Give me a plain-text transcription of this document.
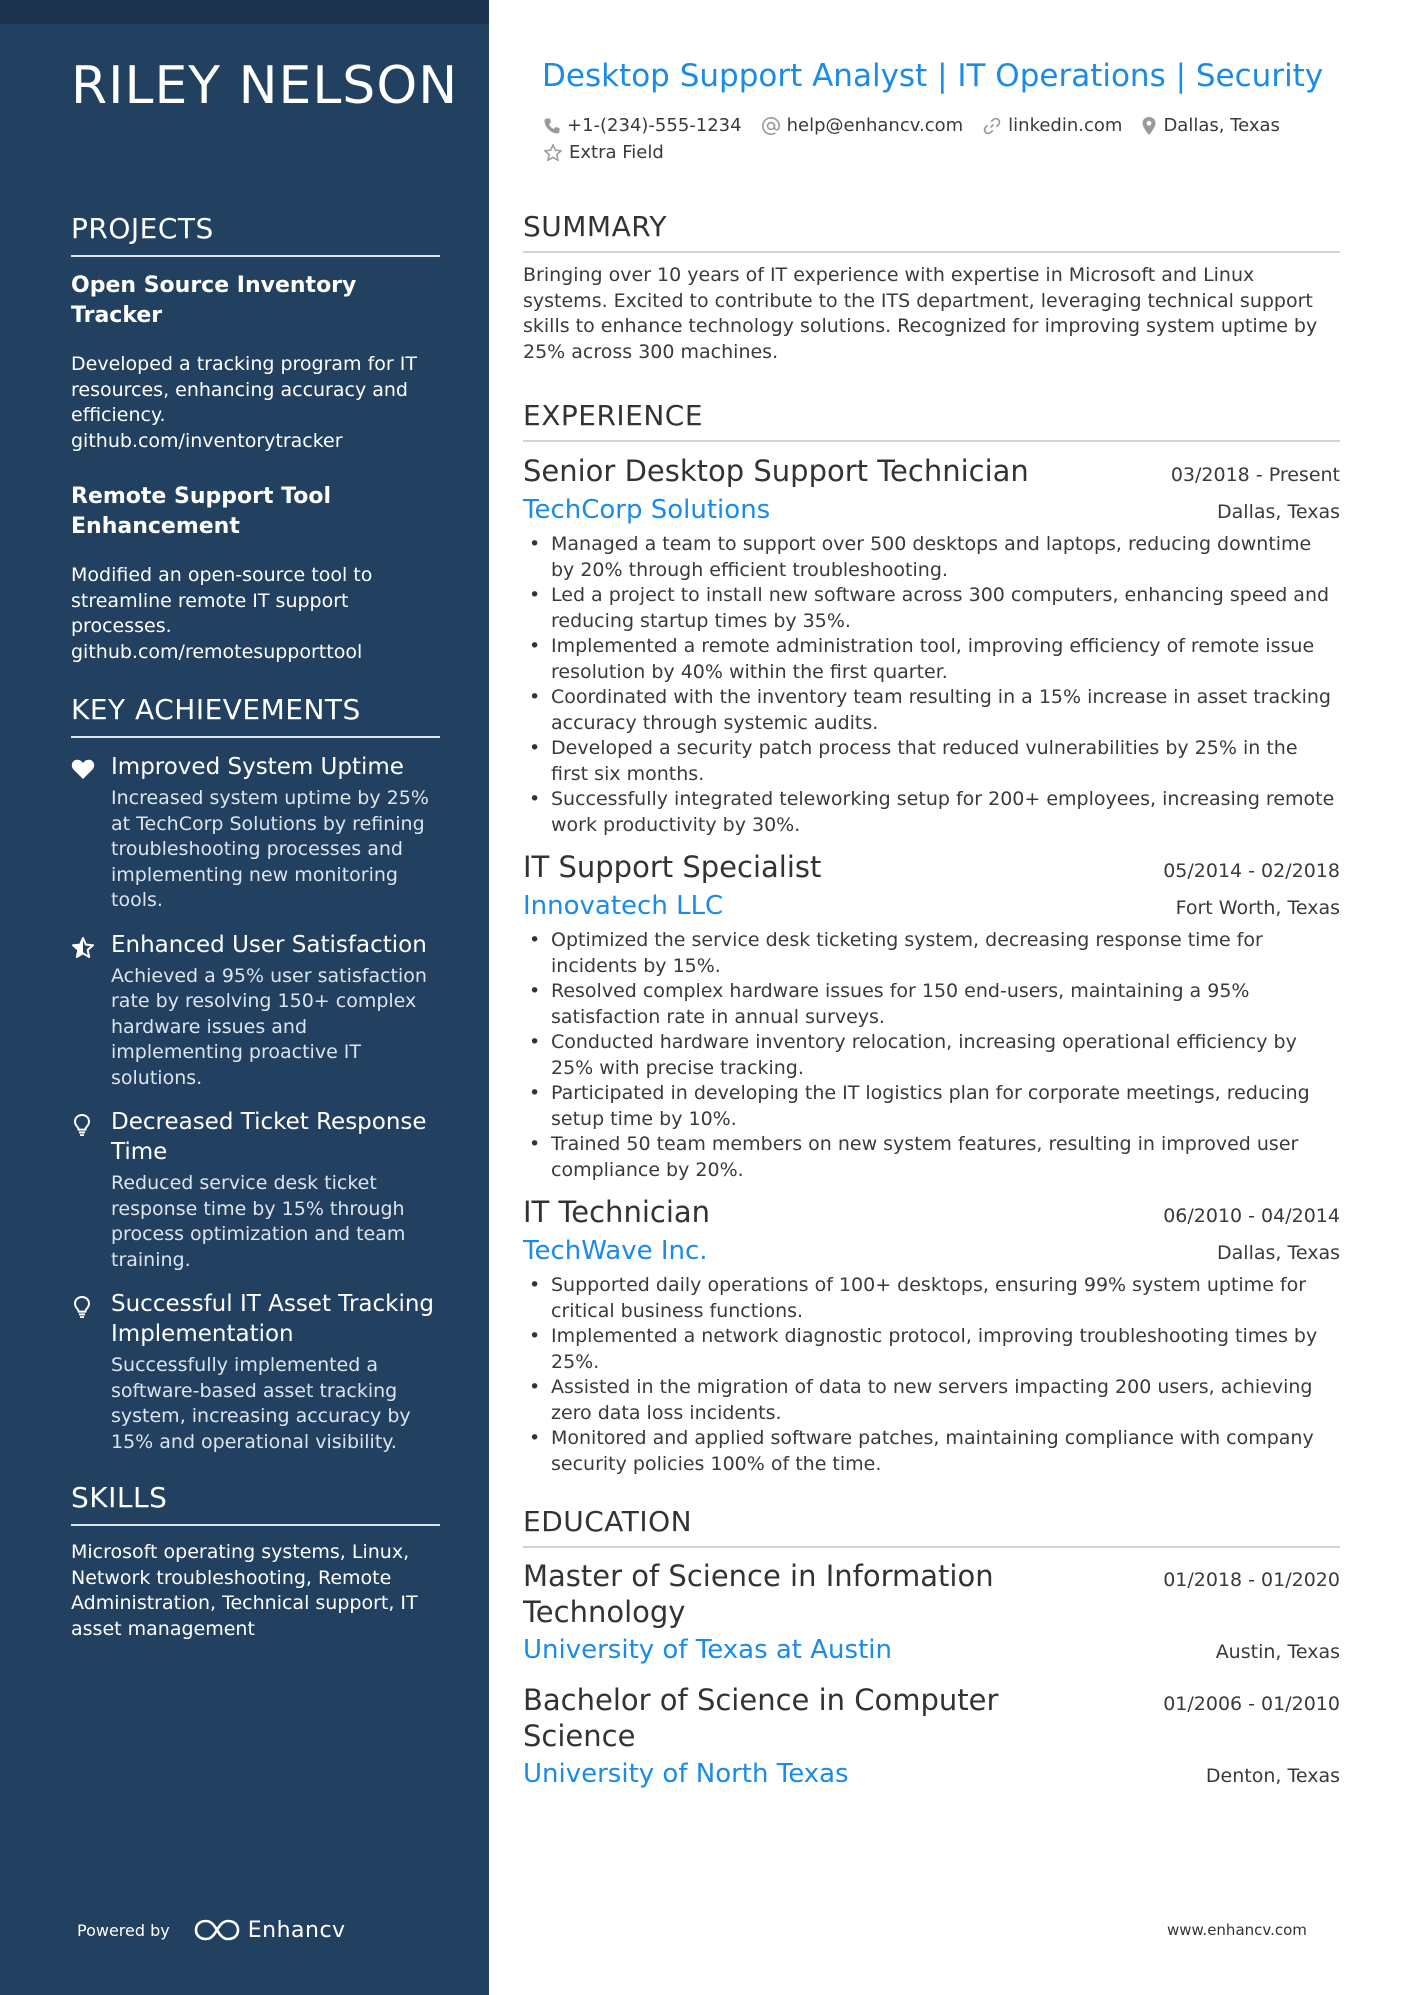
RILEY NELSON
PROJECTS
Open Source Inventory Tracker
Developed a tracking program for IT resources, enhancing accuracy and efficiency. github.com/inventorytracker
Remote Support Tool Enhancement
Modified an open-source tool to streamline remote IT support processes. github.com/remotesupporttool
KEY ACHIEVEMENTS
Improved System Uptime
Increased system uptime by 25% at TechCorp Solutions by refining troubleshooting processes and implementing new monitoring tools.
Enhanced User Satisfaction
Achieved a 95% user satisfaction rate by resolving 150+ complex hardware issues and implementing proactive IT solutions.
Decreased Ticket Response Time
Reduced service desk ticket response time by 15% through process optimization and team training.
Successful IT Asset Tracking Implementation
Successfully implemented a software-based asset tracking system, increasing accuracy by 15% and operational visibility.
SKILLS
Microsoft operating systems, Linux, Network troubleshooting, Remote Administration, Technical support, IT asset management
Powered by	Enhancv
Desktop Support Analyst | IT Operations | Security
+1-(234)-555-1234	help@enhancv.com	linkedin.com Dallas, Texas
Extra Field
SUMMARY
Bringing over 10 years of IT experience with expertise in Microsoft and Linux systems. Excited to contribute to the ITS department, leveraging technical support skills to enhance technology solutions. Recognized for improving system uptime by 25% across 300 machines.
EXPERIENCE
Senior Desktop Support Technician	03/2018 - Present
TechCorp Solutions	Dallas, Texas
• Managed a team to support over 500 desktops and laptops, reducing downtime by 20% through efficient troubleshooting.
• Led a project to install new software across 300 computers, enhancing speed and reducing startup times by 35%.
• Implemented a remote administration tool, improving efficiency of remote issue resolution by 40% within the first quarter.
• Coordinated with the inventory team resulting in a 15% increase in asset tracking accuracy through systemic audits.
• Developed a security patch process that reduced vulnerabilities by 25% in the first six months.
• Successfully integrated teleworking setup for 200+ employees, increasing remote work productivity by 30%.
IT Support Specialist	05/2014 - 02/2018
Innovatech LLC	Fort Worth, Texas
• Optimized the service desk ticketing system, decreasing response time for incidents by 15%.
• Resolved complex hardware issues for 150 end-users, maintaining a 95% satisfaction rate in annual surveys.
• Conducted hardware inventory relocation, increasing operational efficiency by 25% with precise tracking.
• Participated in developing the IT logistics plan for corporate meetings, reducing setup time by 10%.
• Trained 50 team members on new system features, resulting in improved user compliance by 20%.
IT Technician	06/2010 - 04/2014
TechWave Inc.	Dallas, Texas
• Supported daily operations of 100+ desktops, ensuring 99% system uptime for critical business functions.
• Implemented a network diagnostic protocol, improving troubleshooting times by 25%.
• Assisted in the migration of data to new servers impacting 200 users, achieving zero data loss incidents.
• Monitored and applied software patches, maintaining compliance with company security policies 100% of the time.
EDUCATION
Master of Science in Information Technology
01/2018 - 01/2020
University of Texas at Austin	Austin, Texas
Bachelor of Science in Computer Science
01/2006 - 01/2010
University of North Texas	Denton, Texas
www.enhancv.com
